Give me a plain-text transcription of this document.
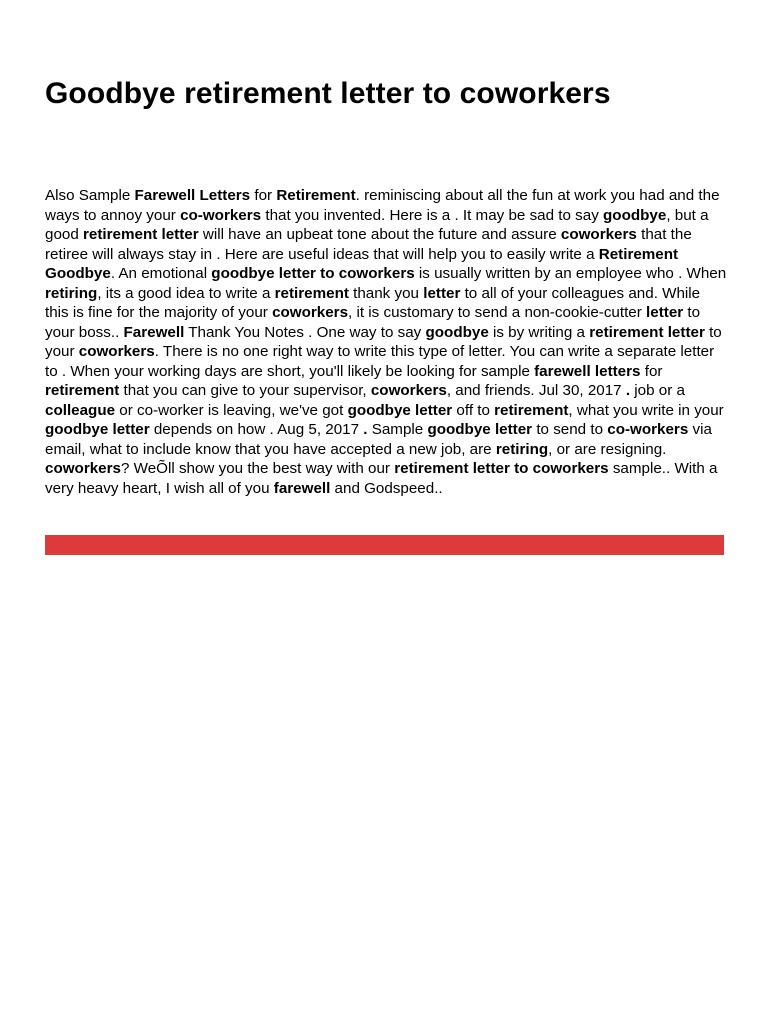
Goodbye retirement letter to coworkers

Also Sample Farewell Letters for Retirement. reminiscing about all the fun at work you had and the ways to annoy your co-workers that you invented. Here is a . It may be sad to say goodbye, but a good retirement letter will have an upbeat tone about the future and assure coworkers that the retiree will always stay in . Here are useful ideas that will help you to easily write a Retirement Goodbye. An emotional goodbye letter to coworkers is usually written by an employee who . When retiring, its a good idea to write a retirement thank you letter to all of your colleagues and. While this is fine for the majority of your coworkers, it is customary to send a non-cookie-cutter letter to your boss.. Farewell Thank You Notes . One way to say goodbye is by writing a retirement letter to your coworkers. There is no one right way to write this type of letter. You can write a separate letter to . When your working days are short, you'll likely be looking for sample farewell letters for retirement that you can give to your supervisor, coworkers, and friends. Jul 30, 2017 . job or a colleague or co-worker is leaving, we've got goodbye letter off to retirement, what you write in your goodbye letter depends on how . Aug 5, 2017 . Sample goodbye letter to send to co-workers via email, what to include know that you have accepted a new job, are retiring, or are resigning. coworkers? WeÕll show you the best way with our retirement letter to coworkers sample.. With a very heavy heart, I wish all of you farewell and Godspeed..
